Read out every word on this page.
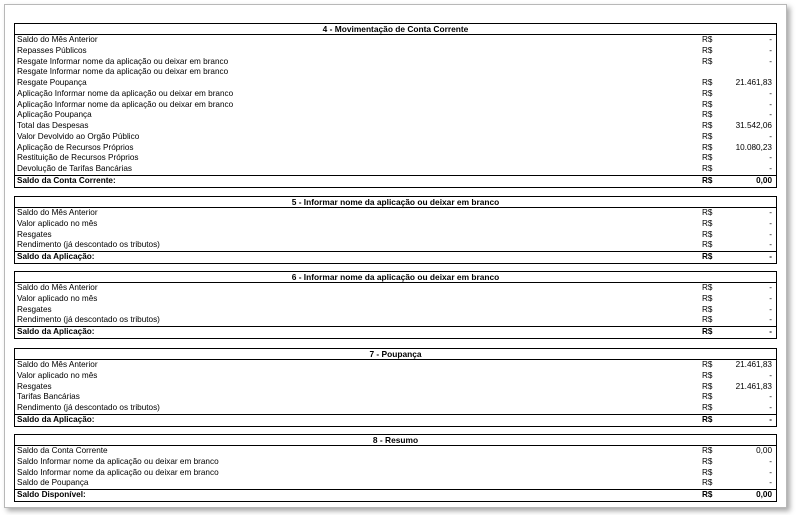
4 - Movimentação de Conta Corrente
Saldo do Mês Anterior	R$	-
Repasses Públicos	R$	-
Resgate Informar nome da aplicação ou deixar em branco	R$	-
Resgate Informar nome da aplicação ou deixar em branco
Resgate Poupança	R$	21.461,83
Aplicação Informar nome da aplicação ou deixar em branco	R$	-
Aplicação Informar nome da aplicação ou deixar em branco	R$	-
Aplicação Poupança	R$	-
Total das Despesas	R$	31.542,06
Valor Devolvido ao Orgão Público	R$	-
Aplicação de Recursos Próprios	R$	10.080,23
Restituição de Recursos Próprios	R$	-
Devolução de Tarifas Bancárias	R$	-
Saldo da Conta Corrente:	R$	0,00
5 - Informar nome da aplicação ou deixar em branco
Saldo do Mês Anterior	R$	-
Valor aplicado no mês	R$	-
Resgates	R$	-
Rendimento (já descontado os tributos)	R$	-
Saldo da Aplicação:	R$	-
6 - Informar nome da aplicação ou deixar em branco
Saldo do Mês Anterior	R$	-
Valor aplicado no mês	R$	-
Resgates	R$	-
Rendimento (já descontado os tributos)	R$	-
Saldo da Aplicação:	R$	-
7 - Poupança
Saldo do Mês Anterior	R$	21.461,83
Valor aplicado no mês	R$	-
Resgates	R$	21.461,83
Tarifas Bancárias	R$	-
Rendimento (já descontado os tributos)	R$	-
Saldo da Aplicação:	R$	-
8 - Resumo
Saldo da Conta Corrente	R$	0,00
Saldo Informar nome da aplicação ou deixar em branco	R$	-
Saldo Informar nome da aplicação ou deixar em branco	R$	-
Saldo de Poupança	R$	-
Saldo Disponível:	R$	0,00
